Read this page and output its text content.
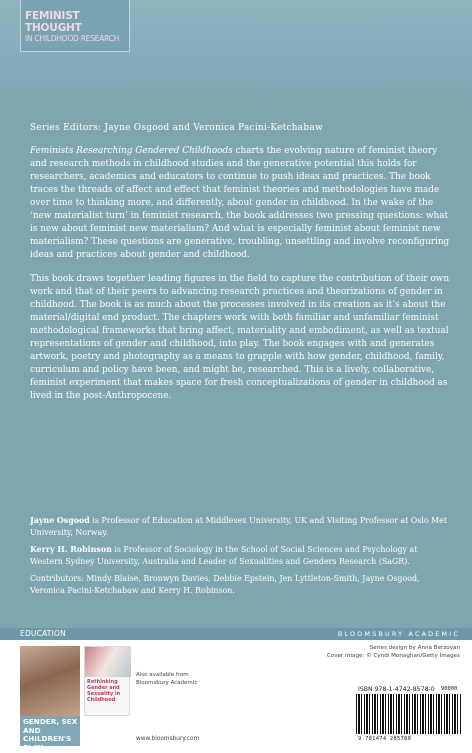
FEMINIST THOUGHT
IN CHILDHOOD RESEARCH

Series Editors: Jayne Osgood and Veronica Pacini-Ketchabaw

Feminists Researching Gendered Childhoods charts the evolving nature of feminist theory and research methods in childhood studies and the generative potential this holds for researchers, academics and educators to continue to push ideas and practices. The book traces the threads of affect and effect that feminist theories and methodologies have made over time to thinking more, and differently, about gender in childhood. In the wake of the ‘new materialist turn’ in feminist research, the book addresses two pressing questions: what is new about feminist new materialism? And what is especially feminist about feminist new materialism? These questions are generative, troubling, unsettling and involve reconfiguring ideas and practices about gender and childhood.

This book draws together leading figures in the field to capture the contribution of their own work and that of their peers to advancing research practices and theorizations of gender in childhood. The book is as much about the processes involved in its creation as it’s about the material/digital end product. The chapters work with both familiar and unfamiliar feminist methodological frameworks that bring affect, materiality and embodiment, as well as textual representations of gender and childhood, into play. The book engages with and generates artwork, poetry and photography as a means to grapple with how gender, childhood, family, curriculum and policy have been, and might be, researched. This is a lively, collaborative, feminist experiment that makes space for fresh conceptualizations of gender in childhood as lived in the post-Anthropocene.

Jayne Osgood is Professor of Education at Middlesex University, UK and Visiting Professor at Oslo Met University, Norway.

Kerry H. Robinson is Professor of Sociology in the School of Social Sciences and Psychology at Western Sydney University, Australia and Leader of Sexualities and Genders Research (SaGR).

Contributors: Mindy Blaise, Bronwyn Davies, Debbie Epstein, Jen Lyttleton-Smith, Jayne Osgood, Veronica Pacini-Ketchabaw and Kerry H. Robinson.

EDUCATION	BLOOMSBURY ACADEMIC
GENDER, SEX AND CHILDREN'S PLAY
Rethinking Gender and Sexuality in Childhood
Also available from
Bloomsbury Academic
www.bloomsbury.com
Series design by Anna Berzovan
Cover image: © Cyndi Monaghan/Getty Images
ISBN 978-1-4742-8578-0 90000
9 781474 285780
